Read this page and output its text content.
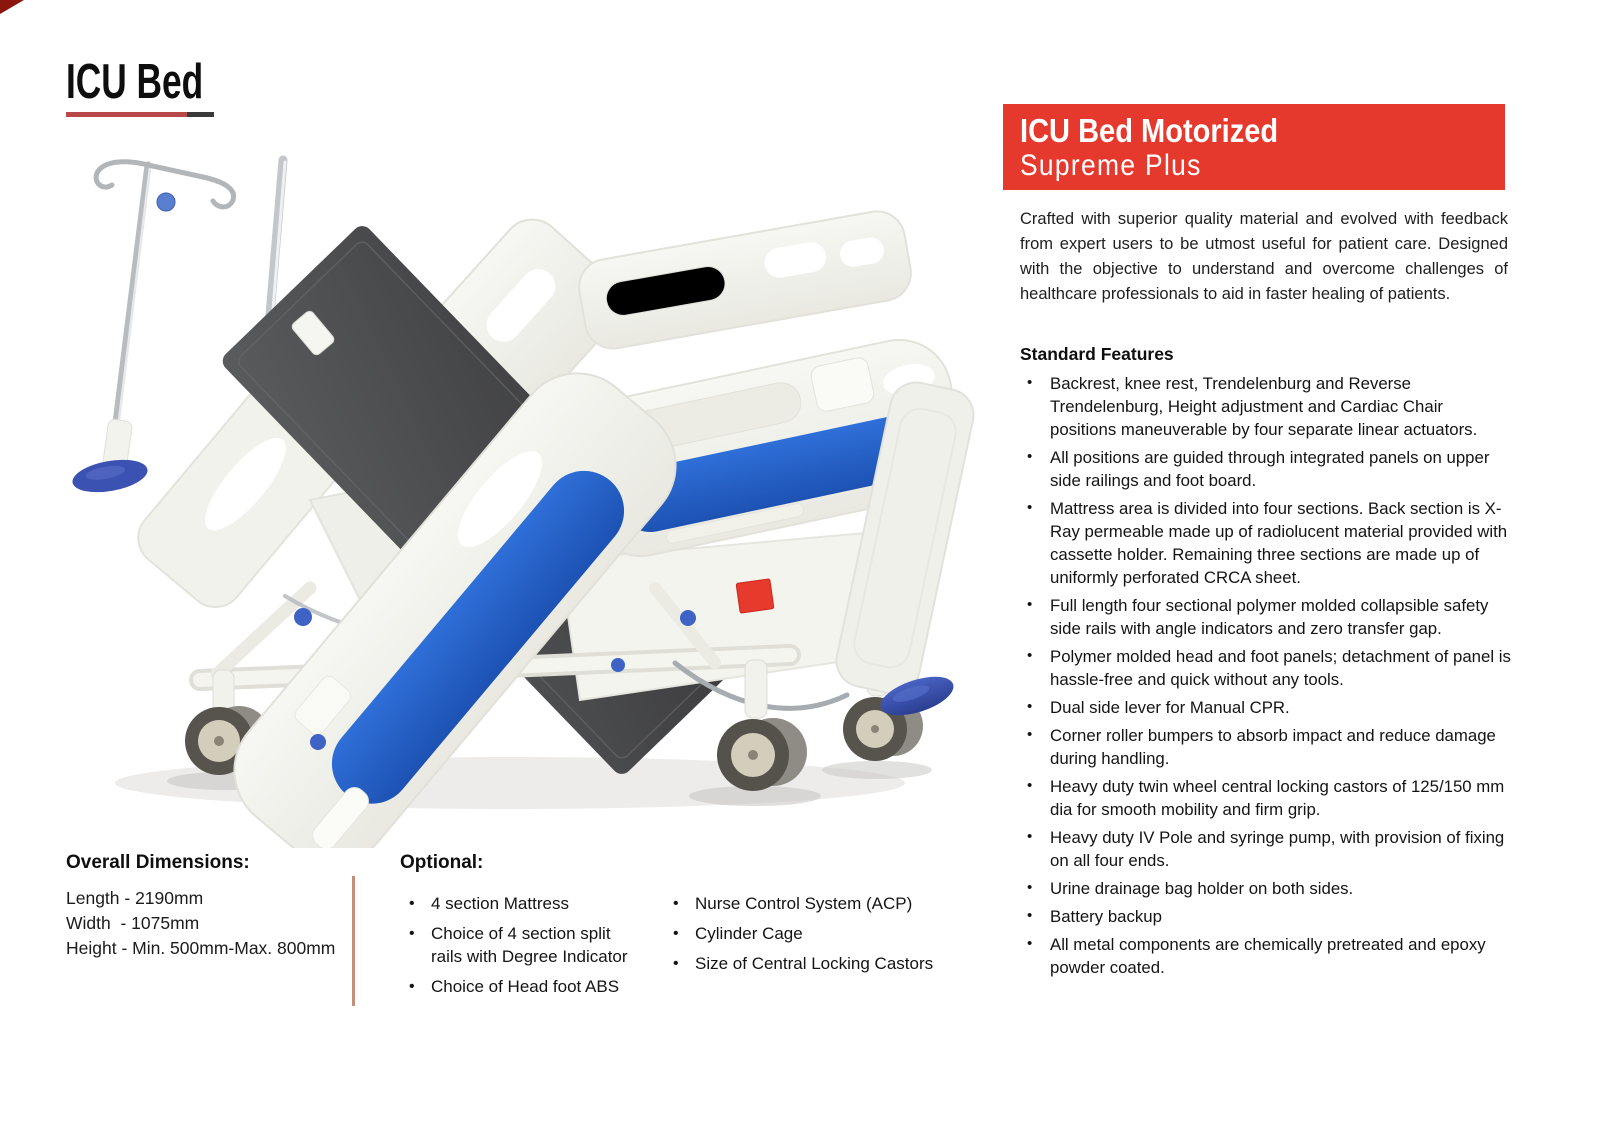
ICU Bed
Overall Dimensions:
Length - 2190mm
Width  - 1075mm
Height - Min. 500mm-Max. 800mm
Optional:
• 4 section Mattress
• Choice of 4 section split rails with Degree Indicator
• Choice of Head foot ABS
• Nurse Control System (ACP)
• Cylinder Cage
• Size of Central Locking Castors
ICU Bed Motorized
Supreme Plus
Crafted with superior quality material and evolved with feedback from expert users to be utmost useful for patient care. Designed with the objective to understand and overcome challenges of healthcare professionals to aid in faster healing of patients.
Standard Features
• Backrest, knee rest, Trendelenburg and Reverse Trendelenburg, Height adjustment and Cardiac Chair positions maneuverable by four separate linear actuators.
• All positions are guided through integrated panels on upper side railings and foot board.
• Mattress area is divided into four sections. Back section is X-Ray permeable made up of radiolucent material provided with cassette holder. Remaining three sections are made up of uniformly perforated CRCA sheet.
• Full length four sectional polymer molded collapsible safety side rails with angle indicators and zero transfer gap.
• Polymer molded head and foot panels; detachment of panel is hassle-free and quick without any tools.
• Dual side lever for Manual CPR.
• Corner roller bumpers to absorb impact and reduce damage during handling.
• Heavy duty twin wheel central locking castors of 125/150 mm dia for smooth mobility and firm grip.
• Heavy duty IV Pole and syringe pump, with provision of fixing on all four ends.
• Urine drainage bag holder on both sides.
• Battery backup
• All metal components are chemically pretreated and epoxy powder coated.
